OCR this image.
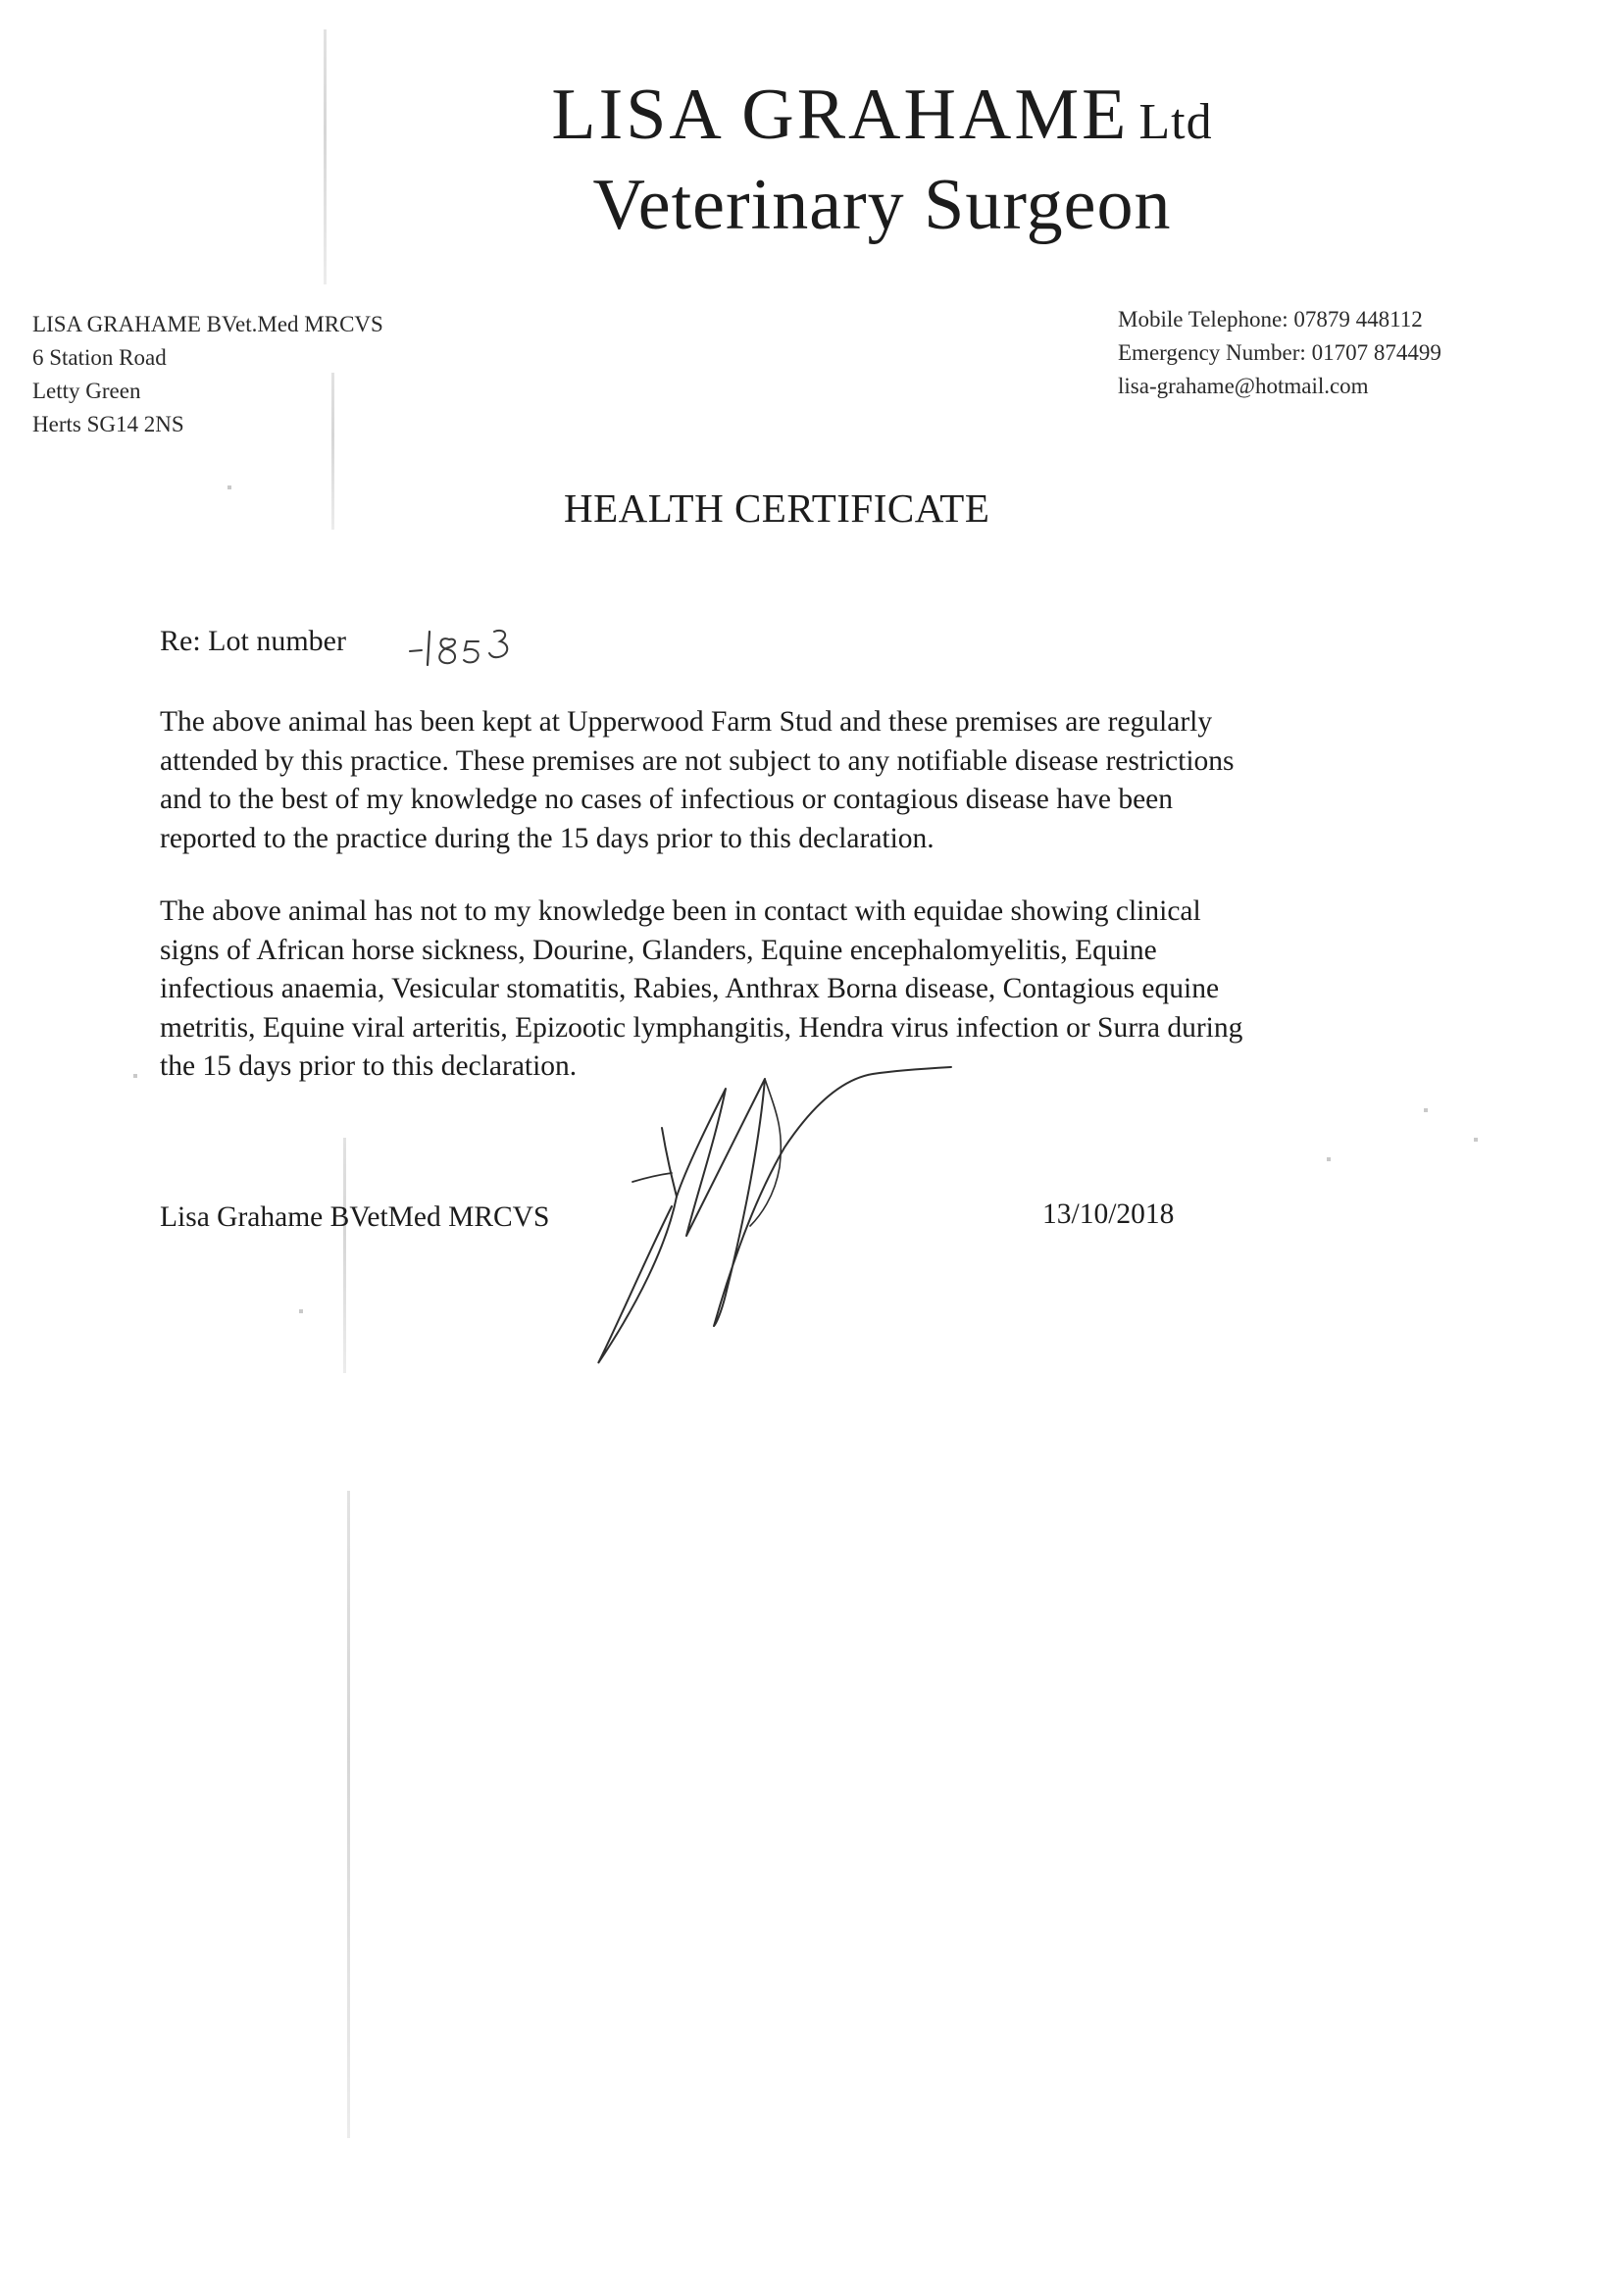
LISA GRAHAME Ltd
Veterinary Surgeon
LISA GRAHAME BVet.Med MRCVS
6 Station Road
Letty Green
Herts SG14 2NS
Mobile Telephone: 07879 448112
Emergency Number: 01707 874499
lisa-grahame@hotmail.com
HEALTH CERTIFICATE
Re: Lot number
1853
The above animal has been kept at Upperwood Farm Stud and these premises are regularly
attended by this practice. These premises are not subject to any notifiable disease restrictions
and to the best of my knowledge no cases of infectious or contagious disease have been
reported to the practice during the 15 days prior to this declaration.
The above animal has not to my knowledge been in contact with equidae showing clinical
signs of African horse sickness, Dourine, Glanders, Equine encephalomyelitis, Equine
infectious anaemia, Vesicular stomatitis, Rabies, Anthrax Borna disease, Contagious equine
metritis, Equine viral arteritis, Epizootic lymphangitis, Hendra virus infection or Surra during
the 15 days prior to this declaration.
Lisa Grahame BVetMed MRCVS	13/10/2018
